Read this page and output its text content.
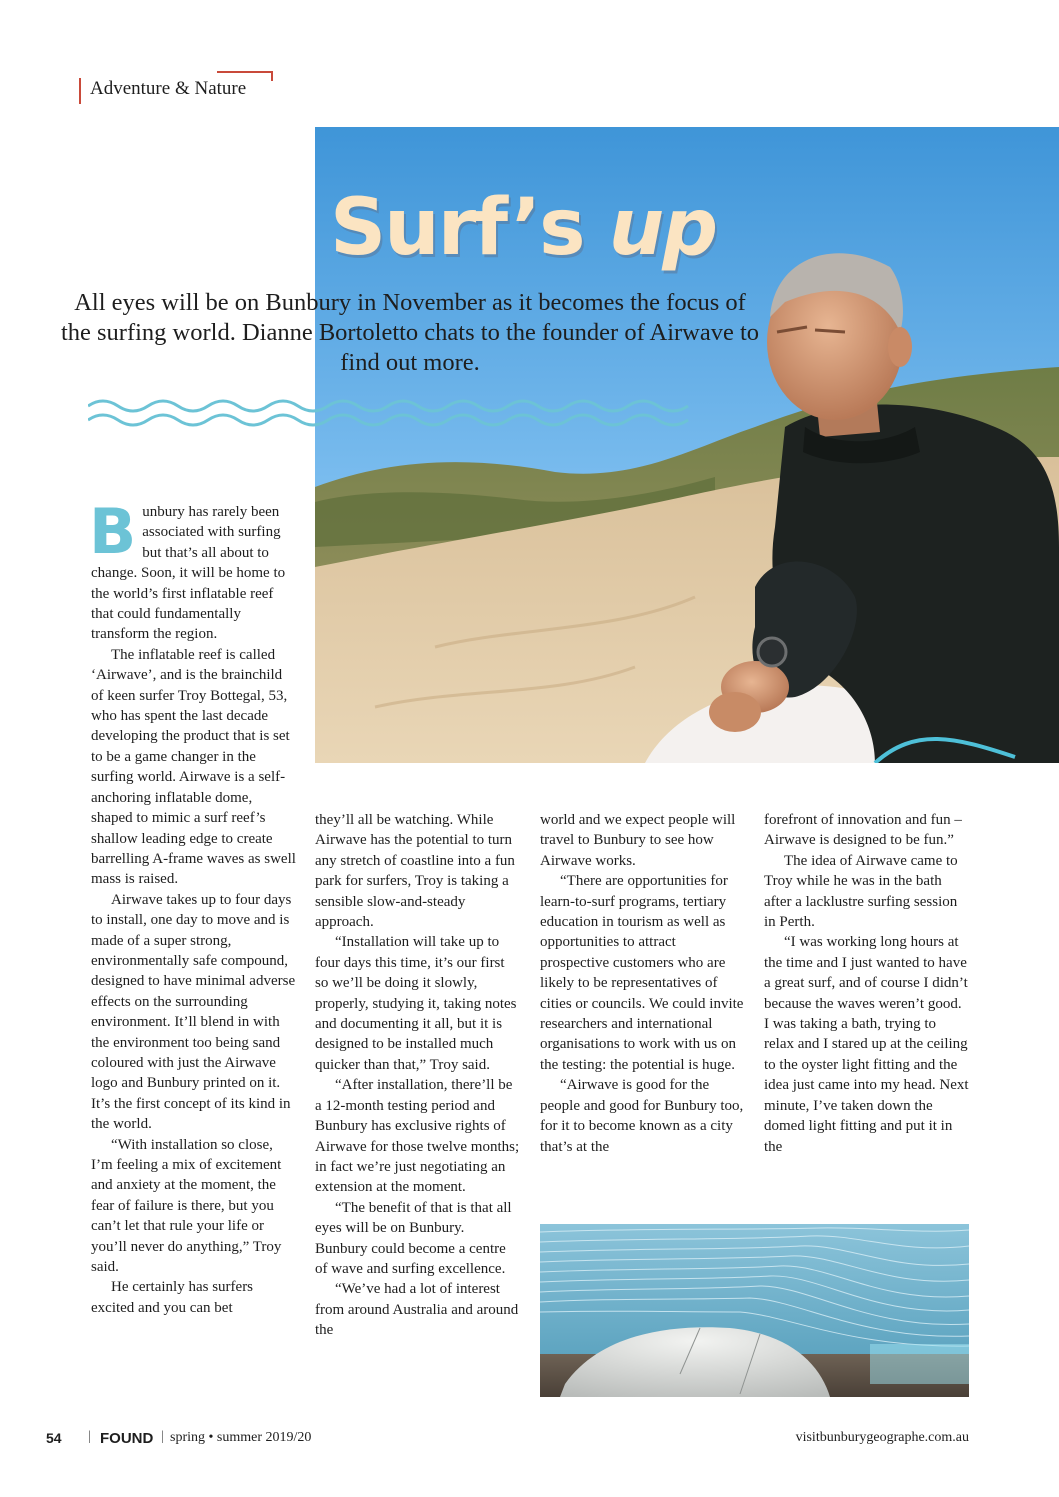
Adventure & Nature
Surf’s up
All eyes will be on Bunbury in November as it becomes the focus of the surfing world. Dianne Bortoletto chats to the founder of Airwave to find out more.

Bunbury has rarely been associated with surfing but that’s all about to change. Soon, it will be home to the world’s first inflatable reef that could fundamentally transform the region.

The inflatable reef is called ‘Airwave’, and is the brainchild of keen surfer Troy Bottegal, 53, who has spent the last decade developing the product that is set to be a game changer in the surfing world. Airwave is a self-anchoring inflatable dome, shaped to mimic a surf reef’s shallow leading edge to create barrelling A-frame waves as swell mass is raised.

Airwave takes up to four days to install, one day to move and is made of a super strong, environmentally safe compound, designed to have minimal adverse effects on the surrounding environment. It’ll blend in with the environment too being sand coloured with just the Airwave logo and Bunbury printed on it. It’s the first concept of its kind in the world.

“With installation so close, I’m feeling a mix of excitement and anxiety at the moment, the fear of failure is there, but you can’t let that rule your life or you’ll never do anything,” Troy said.

He certainly has surfers excited and you can bet

they’ll all be watching. While Airwave has the potential to turn any stretch of coastline into a fun park for surfers, Troy is taking a sensible slow-and-steady approach.

“Installation will take up to four days this time, it’s our first so we’ll be doing it slowly, properly, studying it, taking notes and documenting it all, but it is designed to be installed much quicker than that,” Troy said.

“After installation, there’ll be a 12-month testing period and Bunbury has exclusive rights of Airwave for those twelve months; in fact we’re just negotiating an extension at the moment.

“The benefit of that is that all eyes will be on Bunbury. Bunbury could become a centre of wave and surfing excellence.

“We’ve had a lot of interest from around Australia and around the

world and we expect people will travel to Bunbury to see how Airwave works.

“There are opportunities for learn-to-surf programs, tertiary education in tourism as well as opportunities to attract prospective customers who are likely to be representatives of cities or councils. We could invite researchers and international organisations to work with us on the testing: the potential is huge.

“Airwave is good for the people and good for Bunbury too, for it to become known as a city that’s at the

forefront of innovation and fun – Airwave is designed to be fun.”

The idea of Airwave came to Troy while he was in the bath after a lacklustre surfing session in Perth.

“I was working long hours at the time and I just wanted to have a great surf, and of course I didn’t because the waves weren’t good. I was taking a bath, trying to relax and I stared up at the ceiling to the oyster light fitting and the idea just came into my head. Next minute, I’ve taken down the domed light fitting and put it in the

54 | FOUND | spring • summer 2019/20	visitbunburygeographe.com.au
